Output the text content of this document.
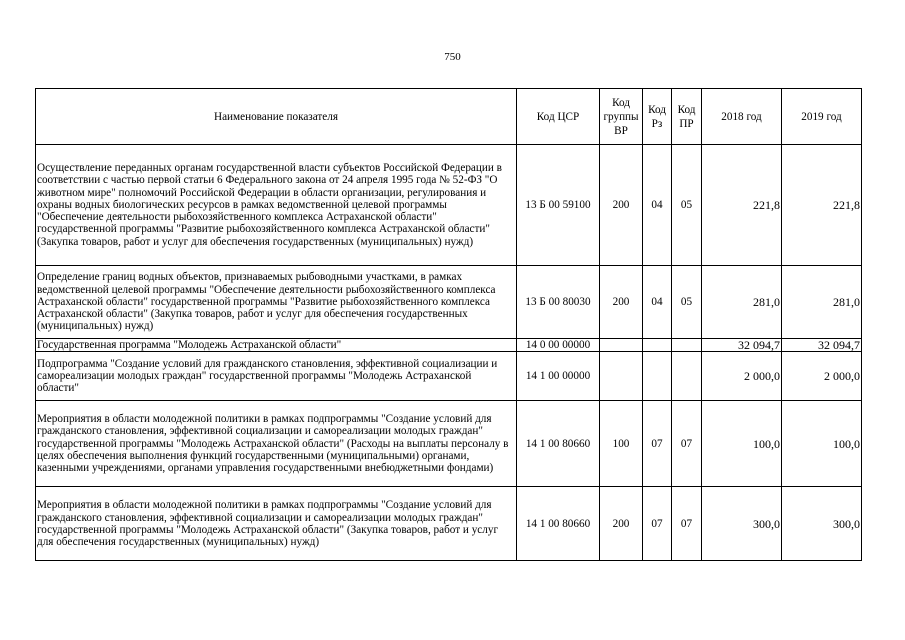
750
Наименование показателя	Код ЦСР	Код группы ВР	Код Рз	Код ПР	2018 год	2019 год
Осуществление переданных органам государственной власти субъектов Российской Федерации в соответствии с частью первой статьи 6 Федерального закона от 24 апреля 1995 года № 52-ФЗ "О животном мире" полномочий Российской Федерации в области организации, регулирования и охраны водных биологических ресурсов в рамках ведомственной целевой программы "Обеспечение деятельности рыбохозяйственного комплекса Астраханской области" государственной программы "Развитие рыбохозяйственного комплекса Астраханской области" (Закупка товаров, работ и услуг для обеспечения государственных (муниципальных) нужд)	13 Б 00 59100	200	04	05	221,8	221,8
Определение границ водных объектов, признаваемых рыбоводными участками, в рамках ведомственной целевой программы "Обеспечение деятельности рыбохозяйственного комплекса Астраханской области" государственной программы "Развитие рыбохозяйственного комплекса Астраханской области" (Закупка товаров, работ и услуг для обеспечения государственных (муниципальных) нужд)	13 Б 00 80030	200	04	05	281,0	281,0
Государственная программа "Молодежь Астраханской области"	14 0 00 00000				32 094,7	32 094,7
Подпрограмма "Создание условий для гражданского становления, эффективной социализации и самореализации молодых граждан" государственной программы "Молодежь Астраханской области"	14 1 00 00000				2 000,0	2 000,0
Мероприятия в области молодежной политики в рамках подпрограммы "Создание условий для гражданского становления, эффективной социализации и самореализации молодых граждан" государственной программы "Молодежь Астраханской области" (Расходы на выплаты персоналу в целях обеспечения выполнения функций государственными (муниципальными) органами, казенными учреждениями, органами управления государственными внебюджетными фондами)	14 1 00 80660	100	07	07	100,0	100,0
Мероприятия в области молодежной политики в рамках подпрограммы "Создание условий для гражданского становления, эффективной социализации и самореализации молодых граждан" государственной программы "Молодежь Астраханской области" (Закупка товаров, работ и услуг для обеспечения государственных (муниципальных) нужд)	14 1 00 80660	200	07	07	300,0	300,0
